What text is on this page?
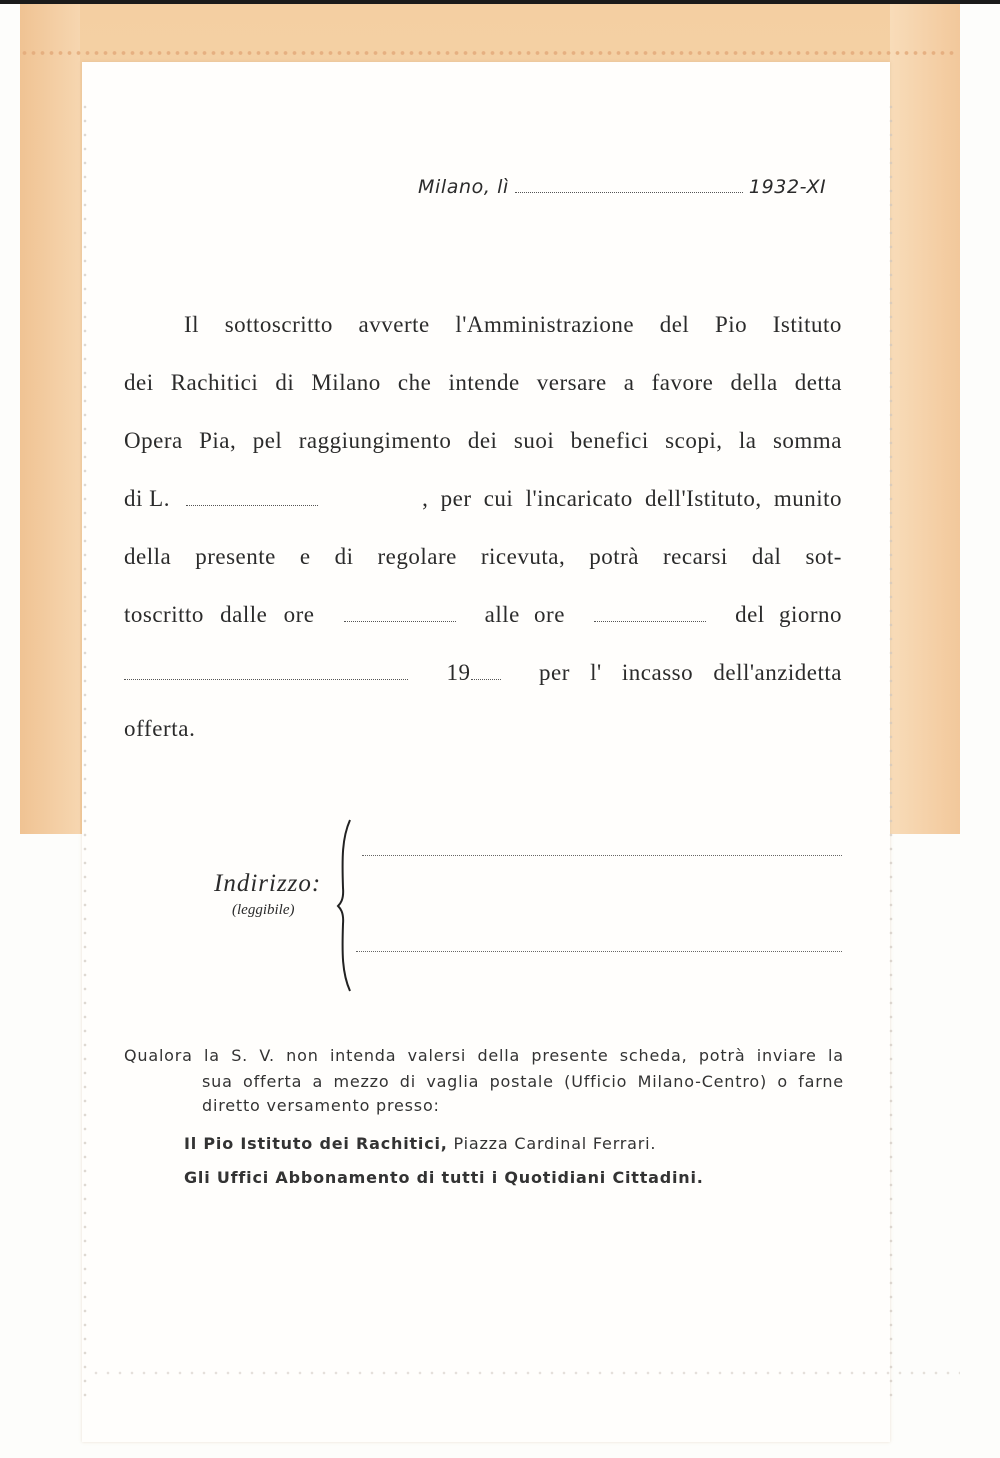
Milano, lì	1932-XI
Il sottoscritto avverte l'Amministrazione del Pio Istituto
dei Rachitici di Milano che intende versare a favore della detta
Opera Pia, pel raggiungimento dei suoi benefici scopi, la somma
di L.	, per cui l'incaricato dell'Istituto, munito
della presente e di regolare ricevuta, potrà recarsi dal sot-
toscritto dalle ore	alle ore	del giorno
19	per l' incasso dell'anzidetta
offerta.
Indirizzo:
(leggibile)
Qualora la S. V. non intenda valersi della presente scheda, potrà inviare la
sua offerta a mezzo di vaglia postale (Ufficio Milano-Centro) o farne
diretto versamento presso:
Il Pio Istituto dei Rachitici, Piazza Cardinal Ferrari.
Gli Uffici Abbonamento di tutti i Quotidiani Cittadini.
